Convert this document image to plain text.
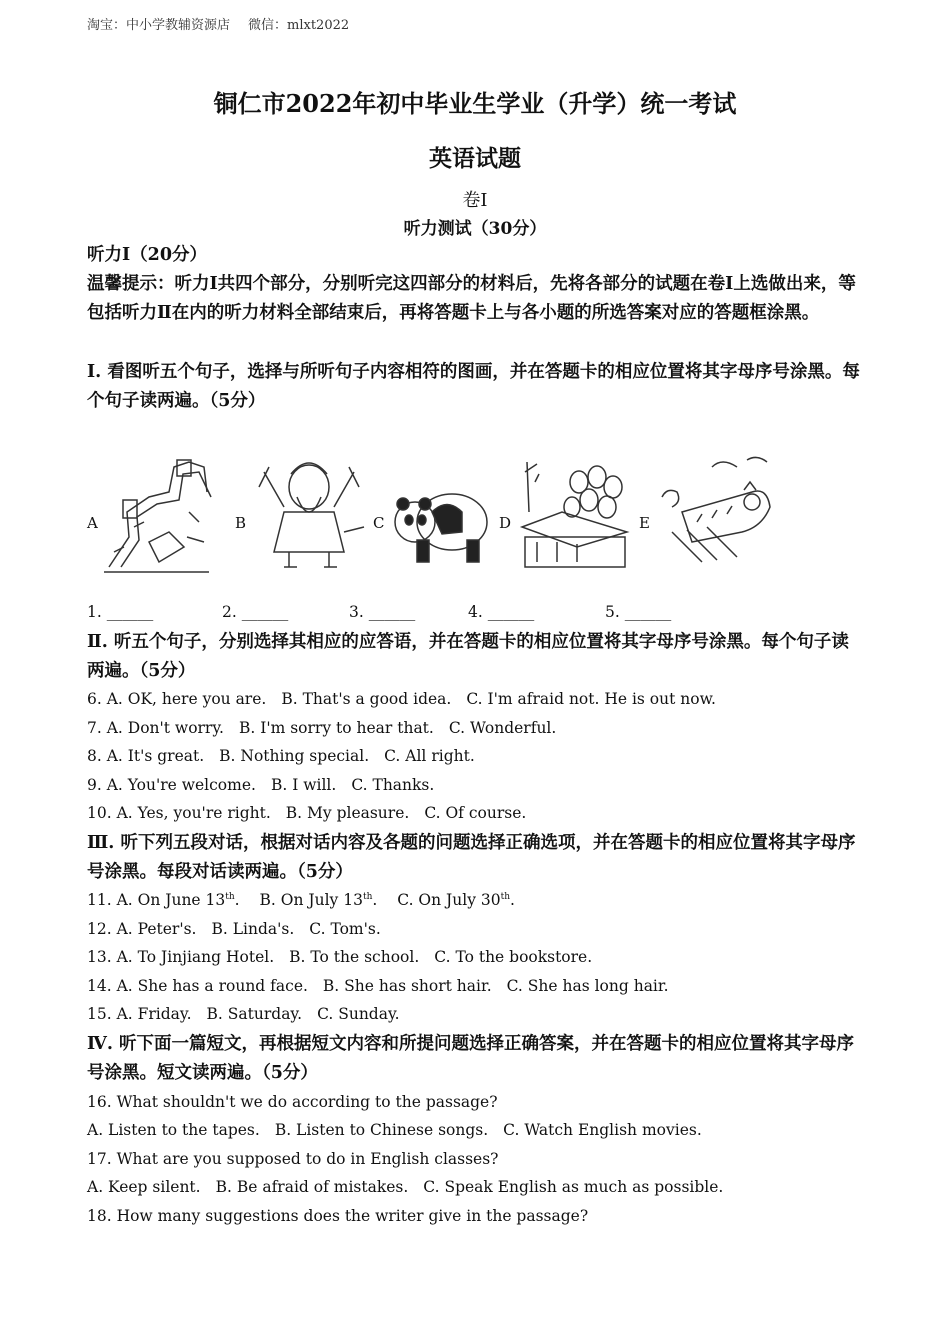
淘宝：中小学教辅资源店 微信：mlxt2022
铜仁市2022年初中毕业生学业（升学）统一考试
英语试题
卷Ⅰ
听力测试（30分）
听力Ⅰ（20分）
温馨提示：听力Ⅰ共四个部分，分别听完这四部分的材料后，先将各部分的试题在卷Ⅰ上选做出来，等包括听力Ⅱ在内的听力材料全部结束后，再将答题卡上与各小题的所选答案对应的答题框涂黑。
Ⅰ. 看图听五个句子，选择与所听句子内容相符的图画，并在答题卡的相应位置将其字母序号涂黑。每个句子读两遍。（5分）
A	B	C	D	E
1. ______	2. ______	3. ______	4. ______	5. ______
Ⅱ. 听五个句子，分别选择其相应的应答语，并在答题卡的相应位置将其字母序号涂黑。每个句子读两遍。（5分）
6. A. OK, here you are. B. That's a good idea. C. I'm afraid not. He is out now.
7. A. Don't worry. B. I'm sorry to hear that. C. Wonderful.
8. A. It's great. B. Nothing special. C. All right.
9. A. You're welcome. B. I will. C. Thanks.
10. A. Yes, you're right. B. My pleasure. C. Of course.
Ⅲ. 听下列五段对话，根据对话内容及各题的问题选择正确选项，并在答题卡的相应位置将其字母序号涂黑。每段对话读两遍。（5分）
11. A. On June 13th. B. On July 13th. C. On July 30th.
12. A. Peter's. B. Linda's. C. Tom's.
13. A. To Jinjiang Hotel. B. To the school. C. To the bookstore.
14. A. She has a round face. B. She has short hair. C. She has long hair.
15. A. Friday. B. Saturday. C. Sunday.
Ⅳ. 听下面一篇短文，再根据短文内容和所提问题选择正确答案，并在答题卡的相应位置将其字母序号涂黑。短文读两遍。（5分）
16. What shouldn't we do according to the passage?
A. Listen to the tapes. B. Listen to Chinese songs. C. Watch English movies.
17. What are you supposed to do in English classes?
A. Keep silent. B. Be afraid of mistakes. C. Speak English as much as possible.
18. How many suggestions does the writer give in the passage?
